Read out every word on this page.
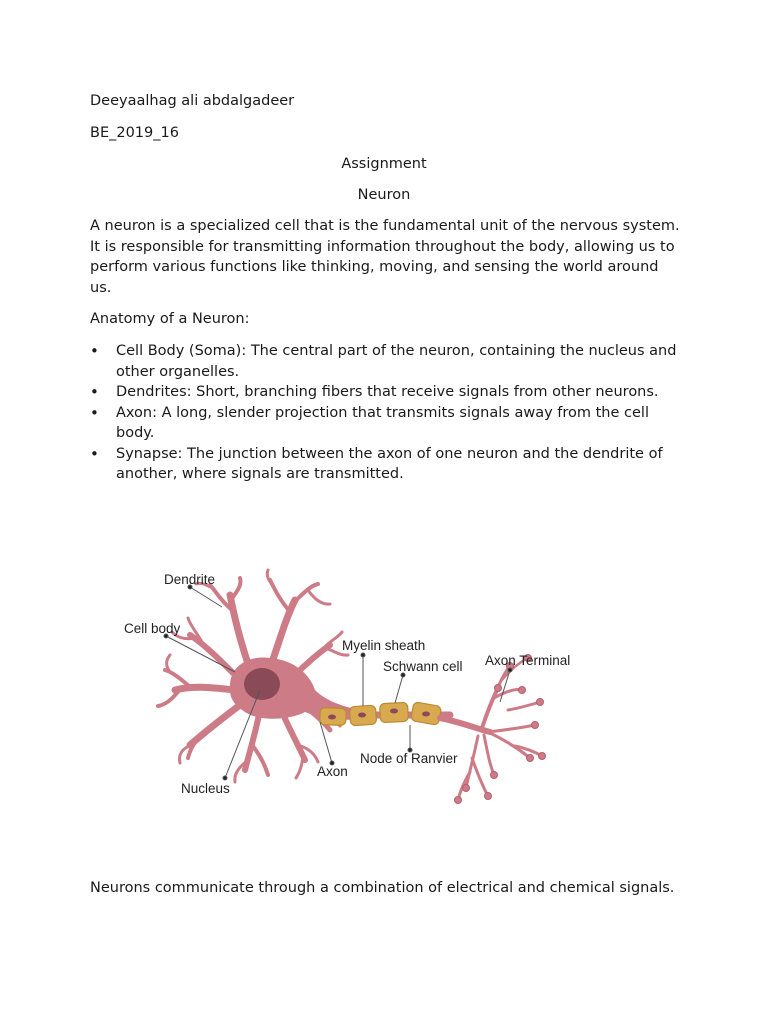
Deeyaalhag ali abdalgadeer
BE_2019_16
Assignment
Neuron
A neuron is a specialized cell that is the fundamental unit of the nervous system. It is responsible for transmitting information throughout the body, allowing us to perform various functions like thinking, moving, and sensing the world around us.
Anatomy of a Neuron:
• Cell Body (Soma): The central part of the neuron, containing the nucleus and other organelles.
• Dendrites: Short, branching fibers that receive signals from other neurons.
• Axon: A long, slender projection that transmits signals away from the cell body.
• Synapse: The junction between the axon of one neuron and the dendrite of another, where signals are transmitted.
Dendrite
Cell body
Myelin sheath
Schwann cell Axon Terminal
Node of Ranvier
Axon
Nucleus
Neurons communicate through a combination of electrical and chemical signals.
